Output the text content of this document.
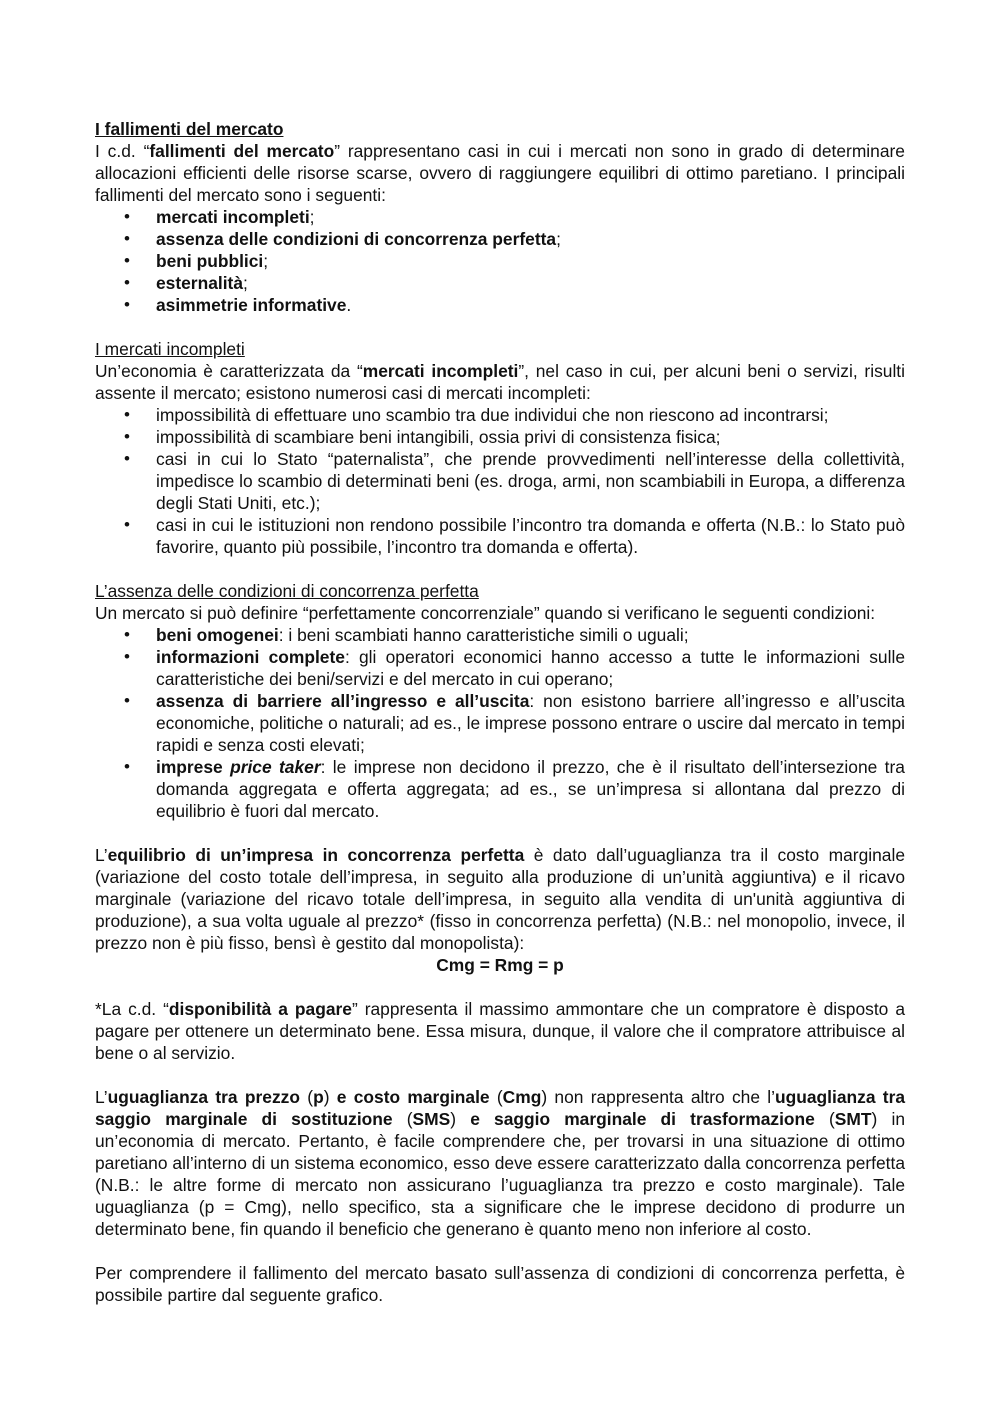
I fallimenti del mercato

I c.d. “fallimenti del mercato” rappresentano casi in cui i mercati non sono in grado di determinare allocazioni efficienti delle risorse scarse, ovvero di raggiungere equilibri di ottimo paretiano. I principali fallimenti del mercato sono i seguenti:

• mercati incompleti;
• assenza delle condizioni di concorrenza perfetta;
• beni pubblici;
• esternalità;
• asimmetrie informative.
I mercati incompleti

Un’economia è caratterizzata da “mercati incompleti”, nel caso in cui, per alcuni beni o servizi, risulti assente il mercato; esistono numerosi casi di mercati incompleti:

• impossibilità di effettuare uno scambio tra due individui che non riescono ad incontrarsi;
• impossibilità di scambiare beni intangibili, ossia privi di consistenza fisica;
• casi in cui lo Stato “paternalista”, che prende provvedimenti nell’interesse della collettività, impedisce lo scambio di determinati beni (es. droga, armi, non scambiabili in Europa, a differenza degli Stati Uniti, etc.);
• casi in cui le istituzioni non rendono possibile l’incontro tra domanda e offerta (N.B.: lo Stato può favorire, quanto più possibile, l’incontro tra domanda e offerta).
L’assenza delle condizioni di concorrenza perfetta

Un mercato si può definire “perfettamente concorrenziale” quando si verificano le seguenti condizioni:

• beni omogenei: i beni scambiati hanno caratteristiche simili o uguali;
• informazioni complete: gli operatori economici hanno accesso a tutte le informazioni sulle caratteristiche dei beni/servizi e del mercato in cui operano;
• assenza di barriere all’ingresso e all’uscita: non esistono barriere all’ingresso e all’uscita economiche, politiche o naturali; ad es., le imprese possono entrare o uscire dal mercato in tempi rapidi e senza costi elevati;
• imprese price taker: le imprese non decidono il prezzo, che è il risultato dell’intersezione tra domanda aggregata e offerta aggregata; ad es., se un’impresa si allontana dal prezzo di equilibrio è fuori dal mercato.

L’equilibrio di un’impresa in concorrenza perfetta è dato dall’uguaglianza tra il costo marginale (variazione del costo totale dell’impresa, in seguito alla produzione di un’unità aggiuntiva) e il ricavo marginale (variazione del ricavo totale dell’impresa, in seguito alla vendita di un'unità aggiuntiva di produzione), a sua volta uguale al prezzo* (fisso in concorrenza perfetta) (N.B.: nel monopolio, invece, il prezzo non è più fisso, bensì è gestito dal monopolista):

Cmg = Rmg = p

*La c.d. “disponibilità a pagare” rappresenta il massimo ammontare che un compratore è disposto a pagare per ottenere un determinato bene. Essa misura, dunque, il valore che il compratore attribuisce al bene o al servizio.

L’uguaglianza tra prezzo (p) e costo marginale (Cmg) non rappresenta altro che l’uguaglianza tra saggio marginale di sostituzione (SMS) e saggio marginale di trasformazione (SMT) in un’economia di mercato. Pertanto, è facile comprendere che, per trovarsi in una situazione di ottimo paretiano all’interno di un sistema economico, esso deve essere caratterizzato dalla concorrenza perfetta (N.B.: le altre forme di mercato non assicurano l’uguaglianza tra prezzo e costo marginale). Tale uguaglianza (p = Cmg), nello specifico, sta a significare che le imprese decidono di produrre un determinato bene, fin quando il beneficio che generano è quanto meno non inferiore al costo.

Per comprendere il fallimento del mercato basato sull’assenza di condizioni di concorrenza perfetta, è possibile partire dal seguente grafico.
